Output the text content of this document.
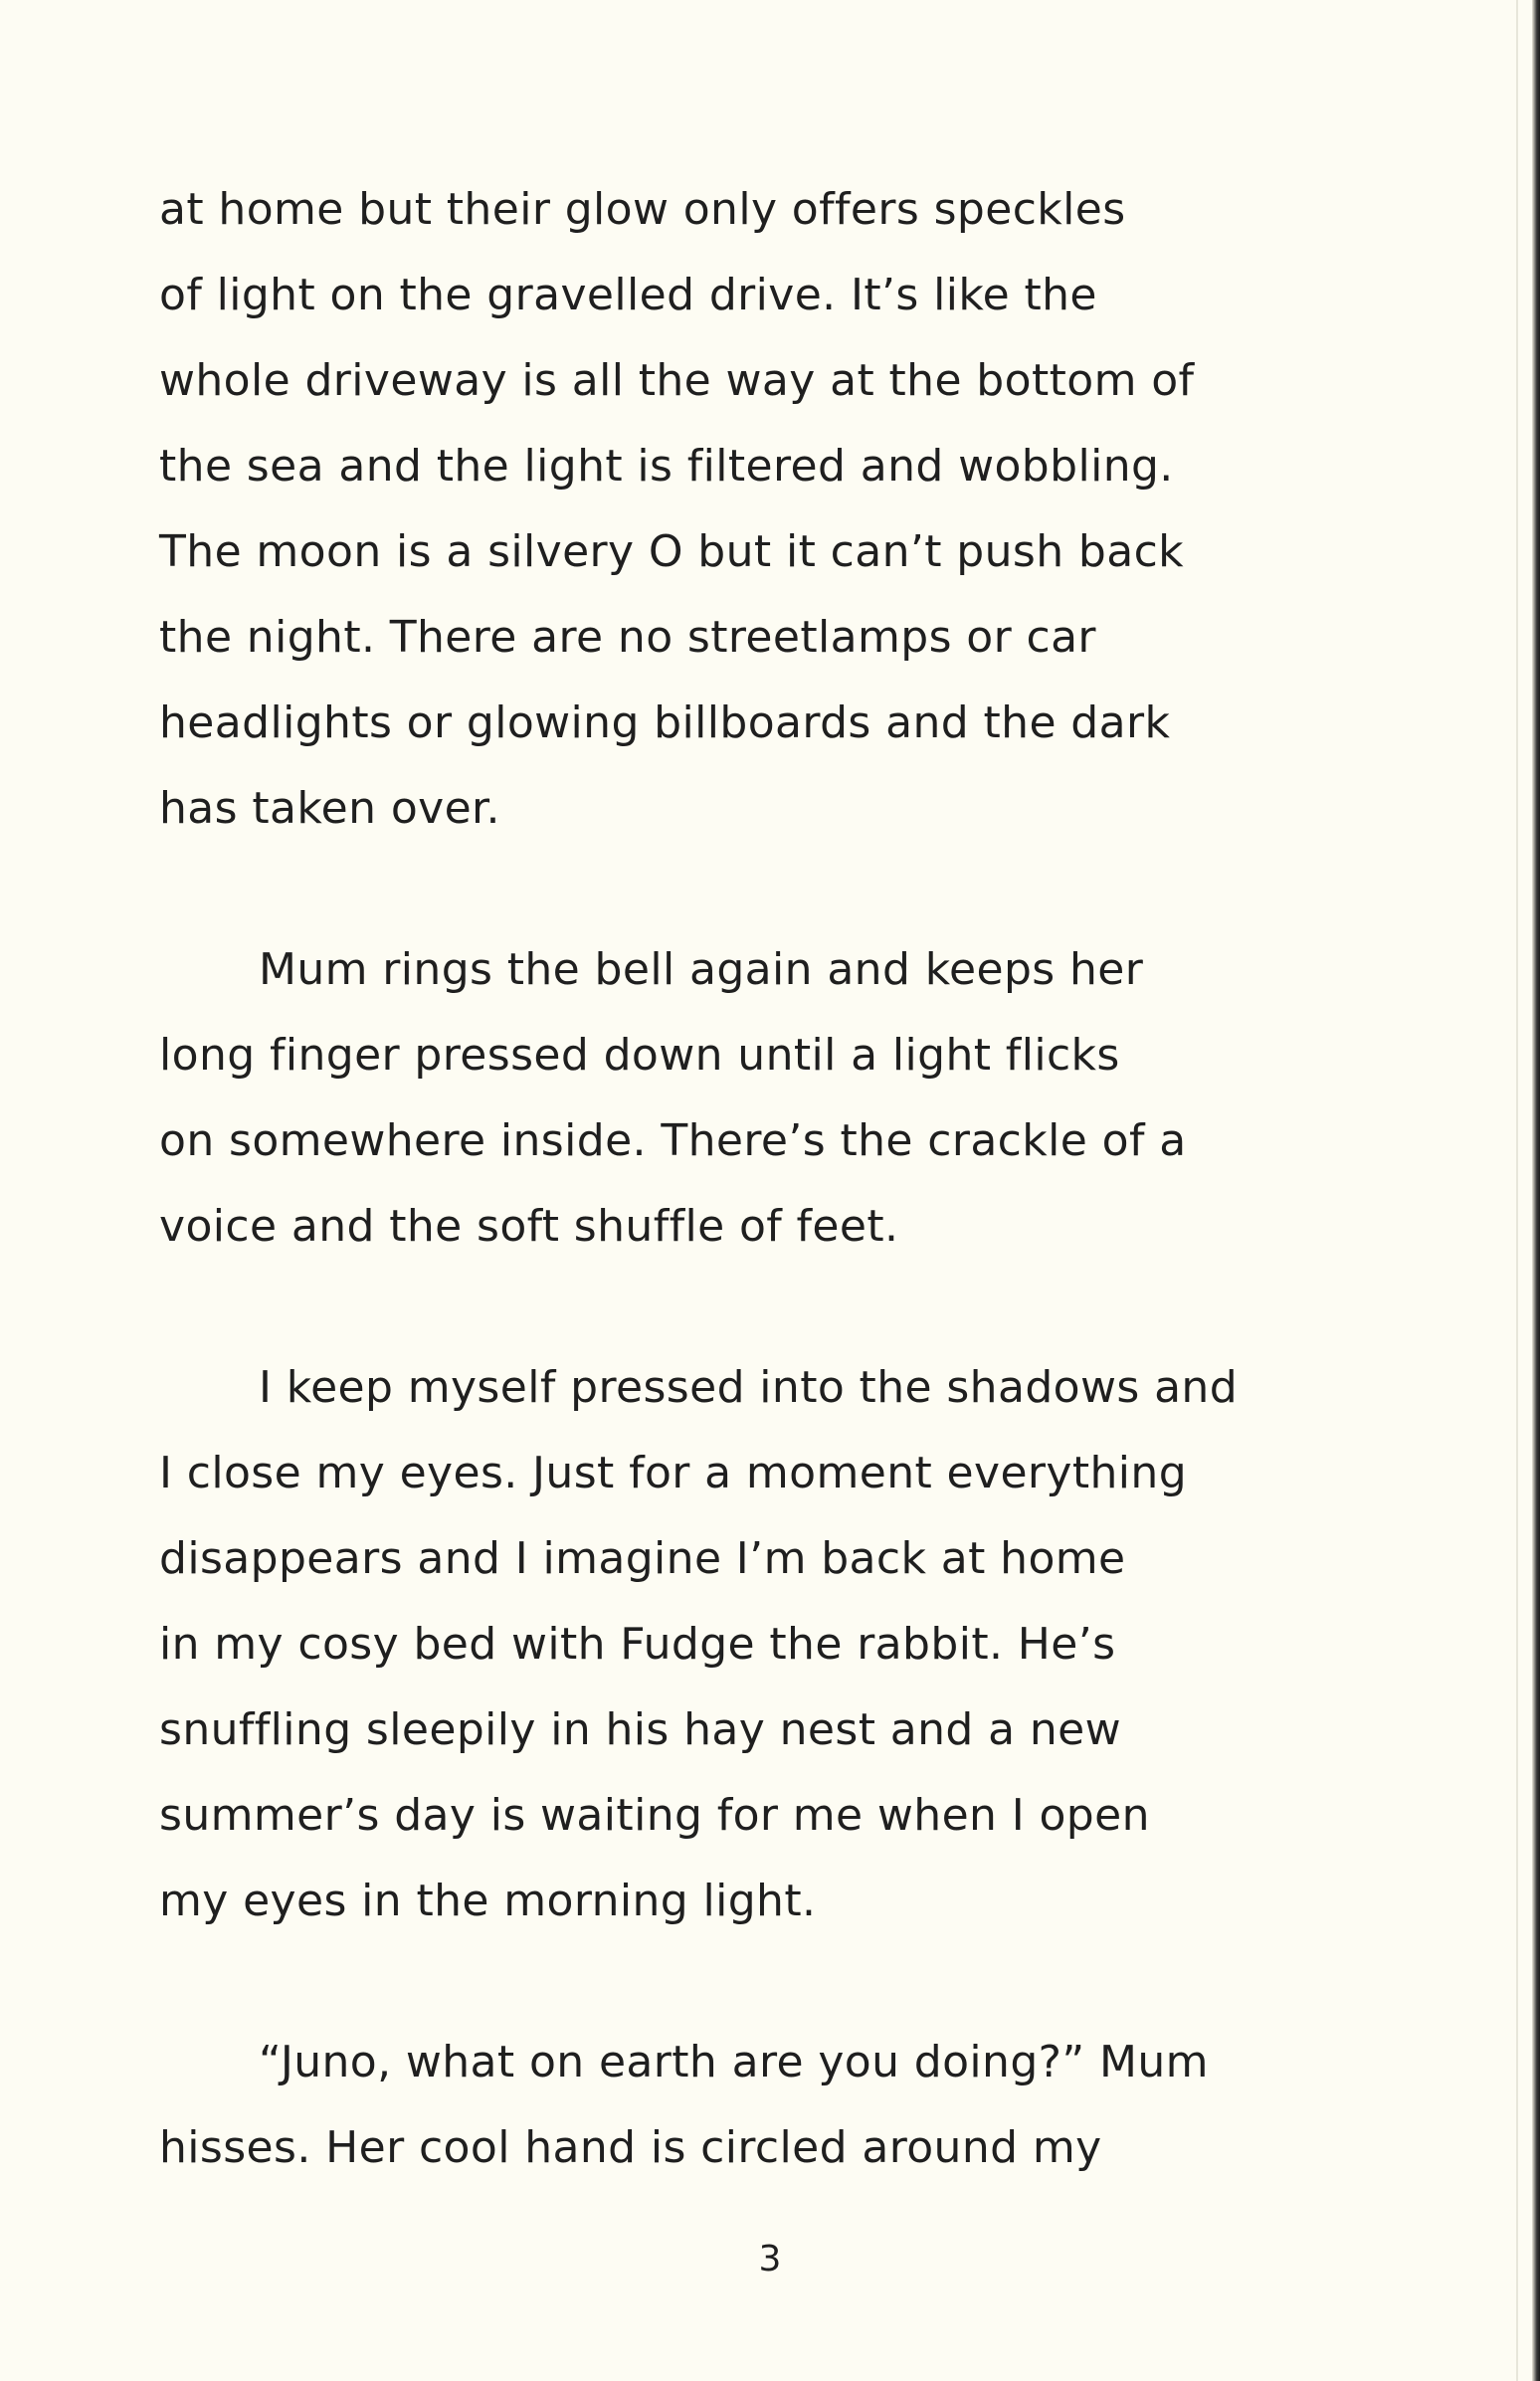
at home but their glow only offers speckles
of light on the gravelled drive. It’s like the
whole driveway is all the way at the bottom of
the sea and the light is filtered and wobbling.
The moon is a silvery O but it can’t push back
the night. There are no streetlamps or car
headlights or glowing billboards and the dark
has taken over.

Mum rings the bell again and keeps her
long finger pressed down until a light flicks
on somewhere inside. There’s the crackle of a
voice and the soft shuffle of feet.

I keep myself pressed into the shadows and
I close my eyes. Just for a moment everything
disappears and I imagine I’m back at home
in my cosy bed with Fudge the rabbit. He’s
snuffling sleepily in his hay nest and a new
summer’s day is waiting for me when I open
my eyes in the morning light.

“Juno, what on earth are you doing?” Mum
hisses. Her cool hand is circled around my

3
